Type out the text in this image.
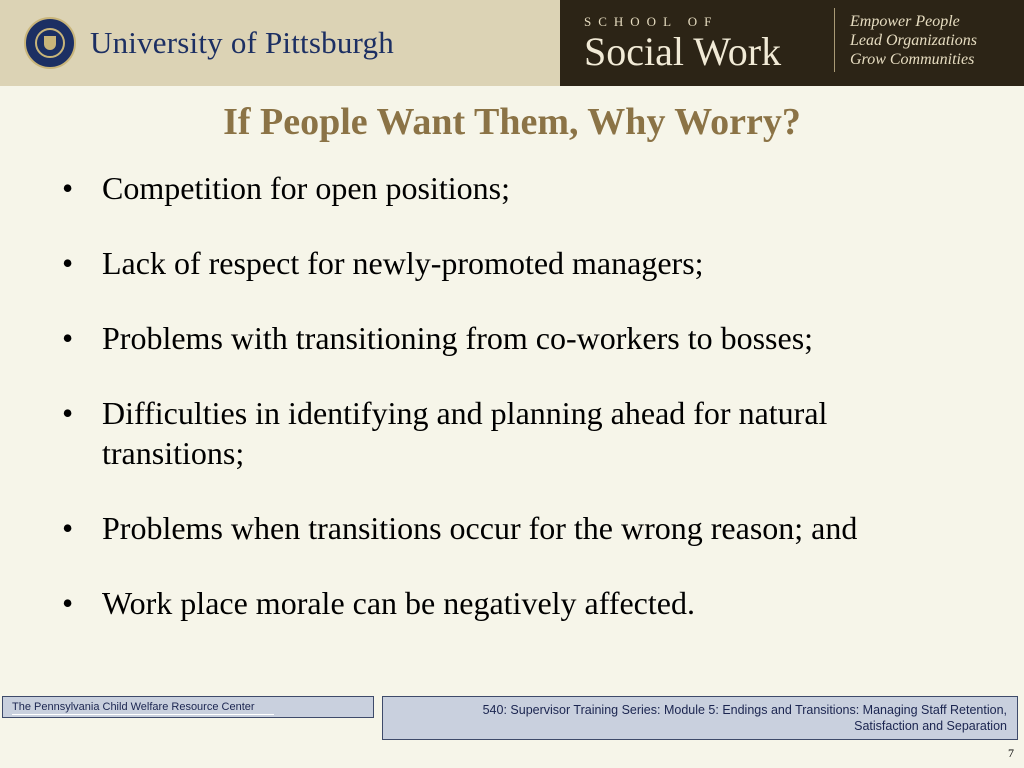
University of Pittsburgh
SCHOOL OF
Social Work
Empower People
Lead Organizations
Grow Communities
If People Want Them, Why Worry?
• Competition for open positions;
• Lack of respect for newly-promoted managers;
• Problems with transitioning from co-workers to bosses;
• Difficulties in identifying and planning ahead for natural transitions;
• Problems when transitions occur for the wrong reason; and
• Work place morale can be negatively affected.
The Pennsylvania Child Welfare Resource Center	540: Supervisor Training Series: Module 5: Endings and Transitions: Managing Staff Retention,
Satisfaction and Separation
7
